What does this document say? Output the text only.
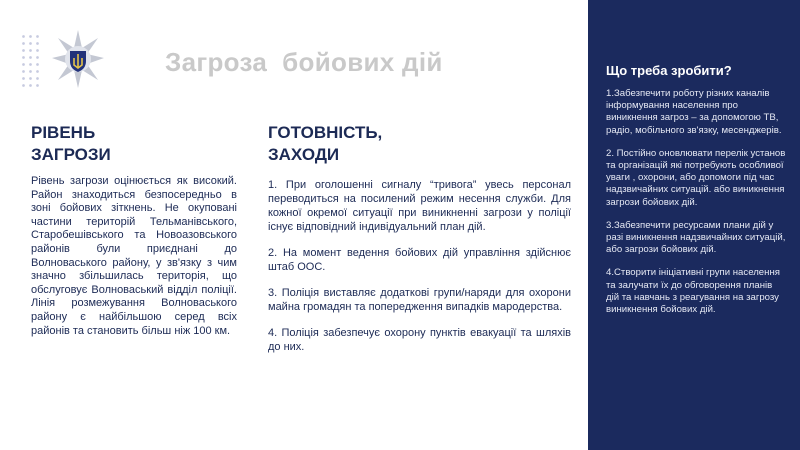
Загроза  бойових дій
РІВЕНЬ
ЗАГРОЗИ

Рівень загрози оцінюється як високий. Район знаходиться безпосередньо в зоні бойових зіткнень. Не окуповані частини територій Тельманівського, Старобешівського та Новоазовського районів були приєднані до Волноваського району, у зв'язку з чим значно збільшилась територія, що обслуговує Волноваський відділ поліції. Лінія розмежування Волноваського району є найбільшою серед всіх районів та становить більш ніж 100 км.

ГОТОВНІСТЬ,
ЗАХОДИ
1. При оголошенні сигналу “тривога” увесь персонал переводиться на посилений режим несення служби. Для кожної окремої ситуації при виникненні загрози у поліції існує відповідний індивідуальний план дій.
2. На момент ведення бойових дій управління здійснює штаб ООС.
3. Поліція виставляє додаткові групи/наряди для охорони майна громадян та попередження випадків мародерства.
4. Поліція забезпечує охорону пунктів евакуації та шляхів до них.
Що треба зробити?
1.Забезпечити роботу різних каналів інформування населення про виникнення загроз – за допомогою ТВ, радіо, мобільного зв'язку, месенджерів.
2. Постійно оновлювати перелік установ та організацій які потребують особливої уваги , охорони, або допомоги під час надзвичайних ситуацій. або виникнення загрози бойових дій.
3.Забезпечити ресурсами плани дій у разі виникнення надзвичайних ситуацій, або загрози бойових дій.
4.Створити ініціативні групи населення та залучати їх до обговорення планів дій та навчань з реагування на загрозу виникнення бойових дій.
